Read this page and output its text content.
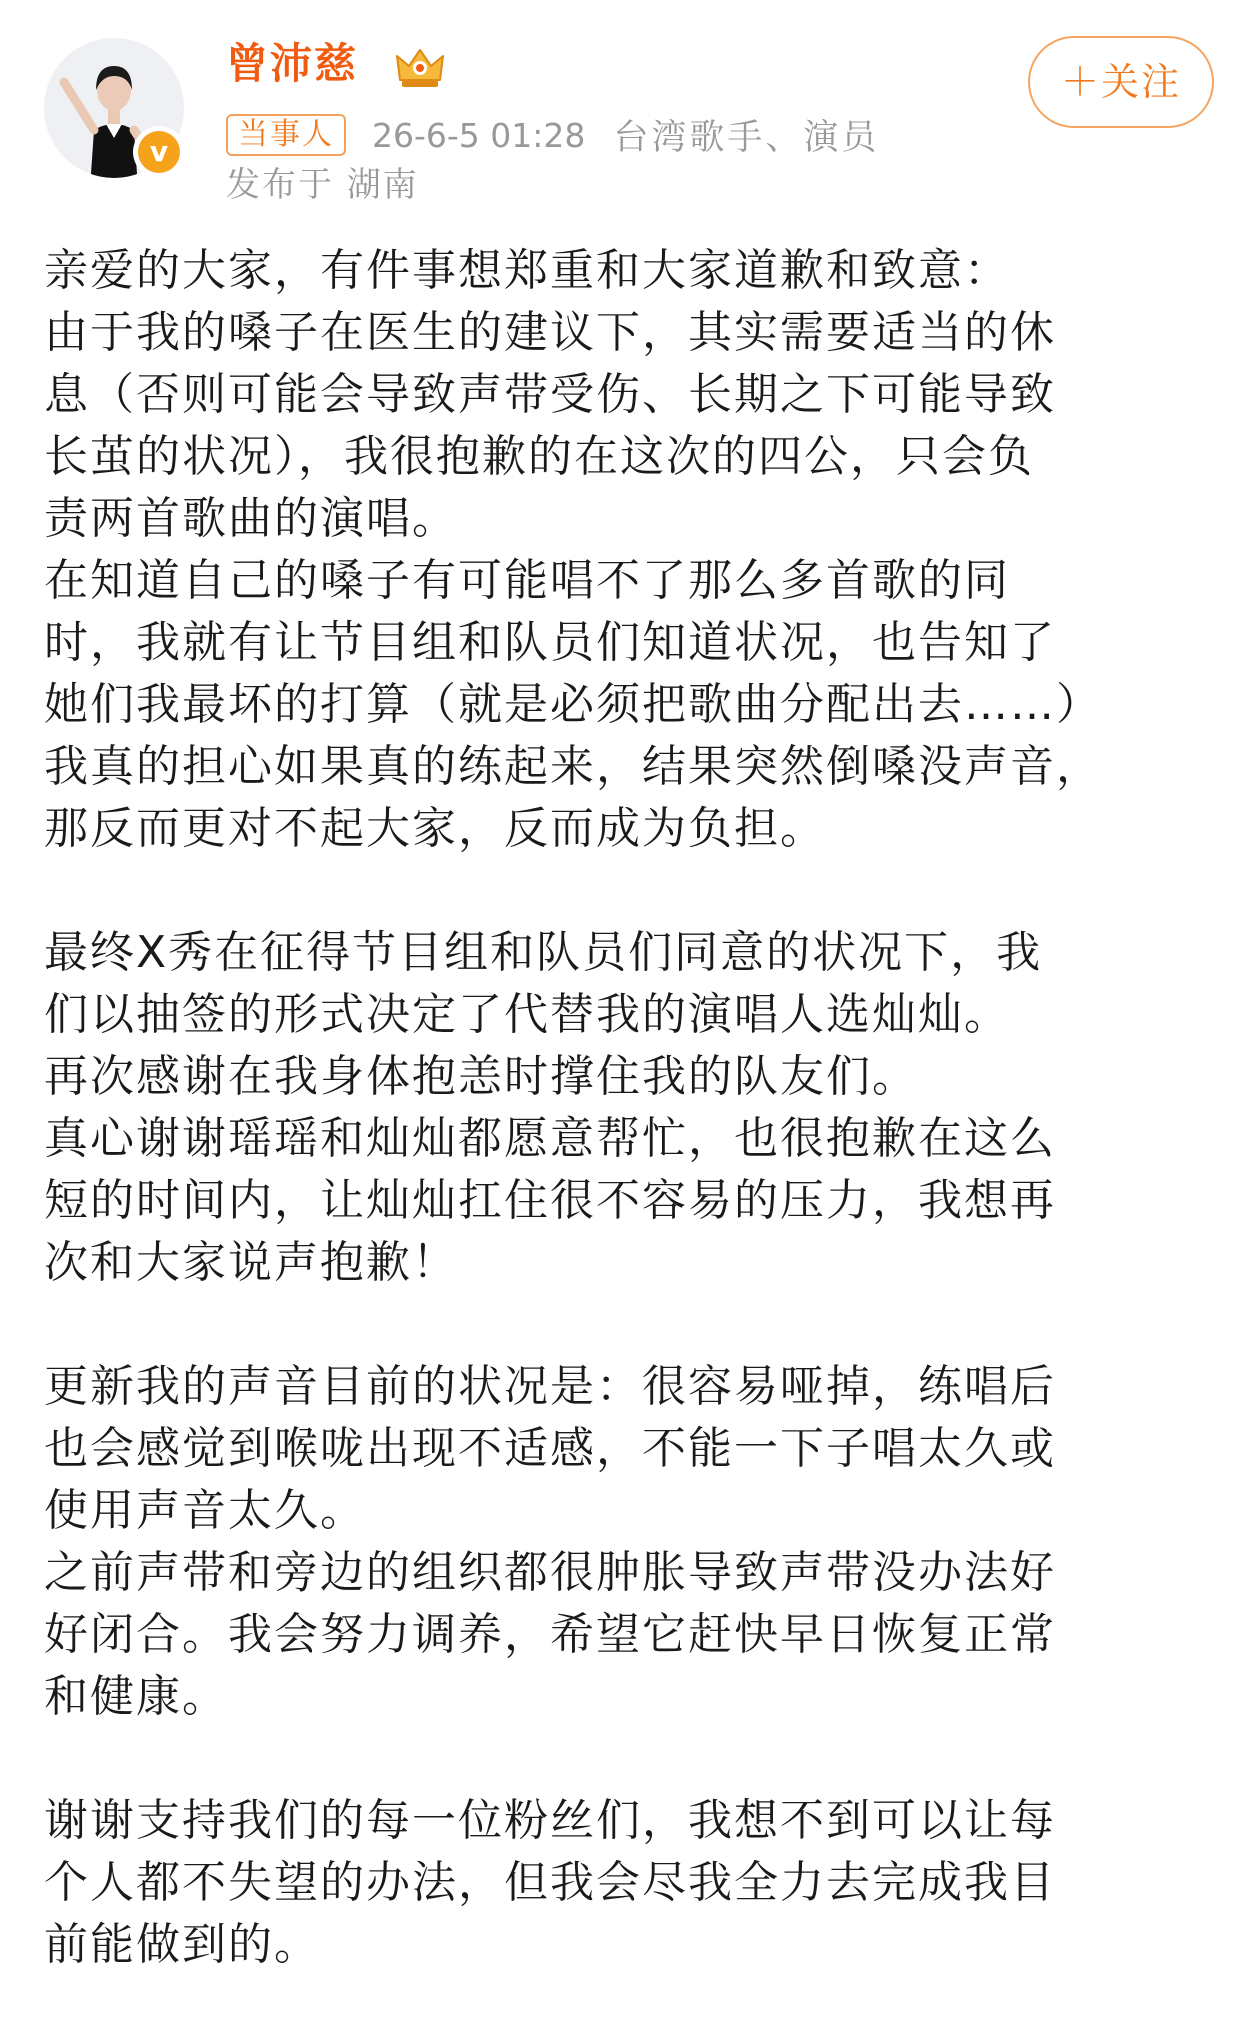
v
曾沛慈	＋关注
当事人	26-6-5 01:28 台湾歌手、演员
发布于 湖南
亲爱的大家，有件事想郑重和大家道歉和致意：
由于我的嗓子在医生的建议下，其实需要适当的休
息（否则可能会导致声带受伤、长期之下可能导致
长茧的状况），我很抱歉的在这次的四公，只会负
责两首歌曲的演唱。
在知道自己的嗓子有可能唱不了那么多首歌的同
时，我就有让节目组和队员们知道状况，也告知了
她们我最坏的打算（就是必须把歌曲分配出去……）
我真的担心如果真的练起来，结果突然倒嗓没声音，
那反而更对不起大家，反而成为负担。
最终X秀在征得节目组和队员们同意的状况下，我
们以抽签的形式决定了代替我的演唱人选灿灿。
再次感谢在我身体抱恙时撑住我的队友们。
真心谢谢瑶瑶和灿灿都愿意帮忙，也很抱歉在这么
短的时间内，让灿灿扛住很不容易的压力，我想再
次和大家说声抱歉！
更新我的声音目前的状况是：很容易哑掉，练唱后
也会感觉到喉咙出现不适感，不能一下子唱太久或
使用声音太久。
之前声带和旁边的组织都很肿胀导致声带没办法好
好闭合。我会努力调养，希望它赶快早日恢复正常
和健康。
谢谢支持我们的每一位粉丝们，我想不到可以让每
个人都不失望的办法，但我会尽我全力去完成我目
前能做到的。
